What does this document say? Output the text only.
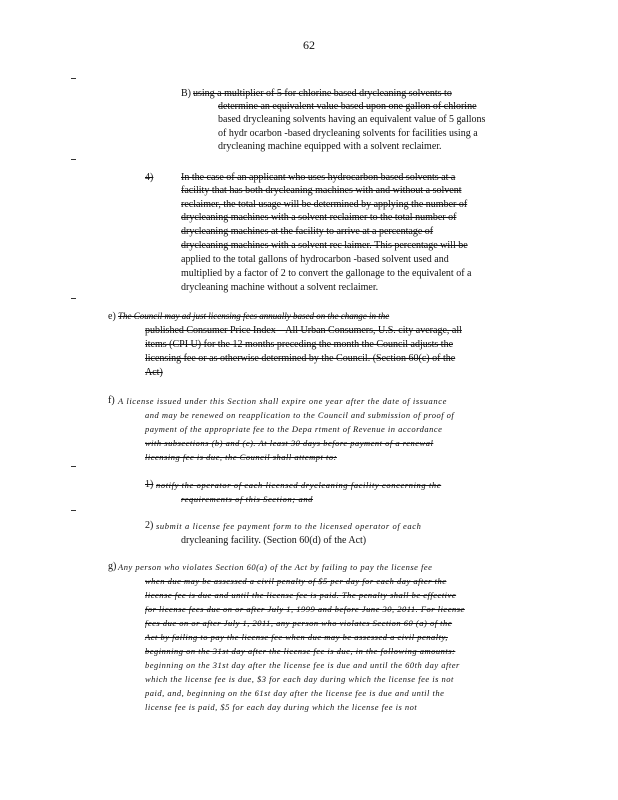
62
B) using a multiplier of 5 for chlorine based drycleaning solvents to
determine an equivalent value based upon one gallon of chlorine
based drycleaning solvents having an equivalent value of 5 gallons
of hydr ocarbon -based drycleaning solvents for facilities using a
drycleaning machine equipped with a solvent reclaimer.
4)	In the case of an applicant who uses hydrocarbon based solvents at a
facility that has both drycleaning machines with and without a solvent
reclaimer, the total usage will be determined by applying the number of
drycleaning machines with a solvent reclaimer to the total number of
drycleaning machines at the facility to arrive at a percentage of
drycleaning machines with a solvent rec laimer. This percentage will be
applied to the total gallons of hydrocarbon -based solvent used and
multiplied by a factor of 2 to convert the gallonage to the equivalent of a
drycleaning machine without a solvent reclaimer.
e) The Council may ad just licensing fees annually based on the change in the
published Consumer Price Index – All Urban Consumers, U.S. city average, all
items (CPI U) for the 12 months preceding the month the Council adjusts the
licensing fee or as otherwise determined by the Council. (Section 60(c) of the
Act)
f) A license issued under this Section shall expire one year after the date of issuance
and may be renewed on reapplication to the Council and submission of proof of
payment of the appropriate fee to the Depa rtment of Revenue in accordance
with subsections (b) and (c). At least 30 days before payment of a renewal
licensing fee is due, the Council shall attempt to:
1) notify the operator of each licensed drycleaning facility concerning the
requirements of this Section; and
2) submit a license fee payment form to the licensed operator of each
drycleaning facility. (Section 60(d) of the Act)
g) Any person who violates Section 60(a) of the Act by failing to pay the license fee
when due may be assessed a civil penalty of $5 per day for each day after the
license fee is due and until the license fee is paid. The penalty shall be effective
for license fees due on or after July 1, 1999 and before June 30, 2011. For license
fees due on or after July 1, 2011, any person who violates Section 60 (a) of the
Act by failing to pay the license fee when due may be assessed a civil penalty,
beginning on the 31st day after the license fee is due, in the following amounts:
beginning on the 31st day after the license fee is due and until the 60th day after
which the license fee is due, $3 for each day during which the license fee is not
paid, and, beginning on the 61st day after the license fee is due and until the
license fee is paid, $5 for each day during which the license fee is not
